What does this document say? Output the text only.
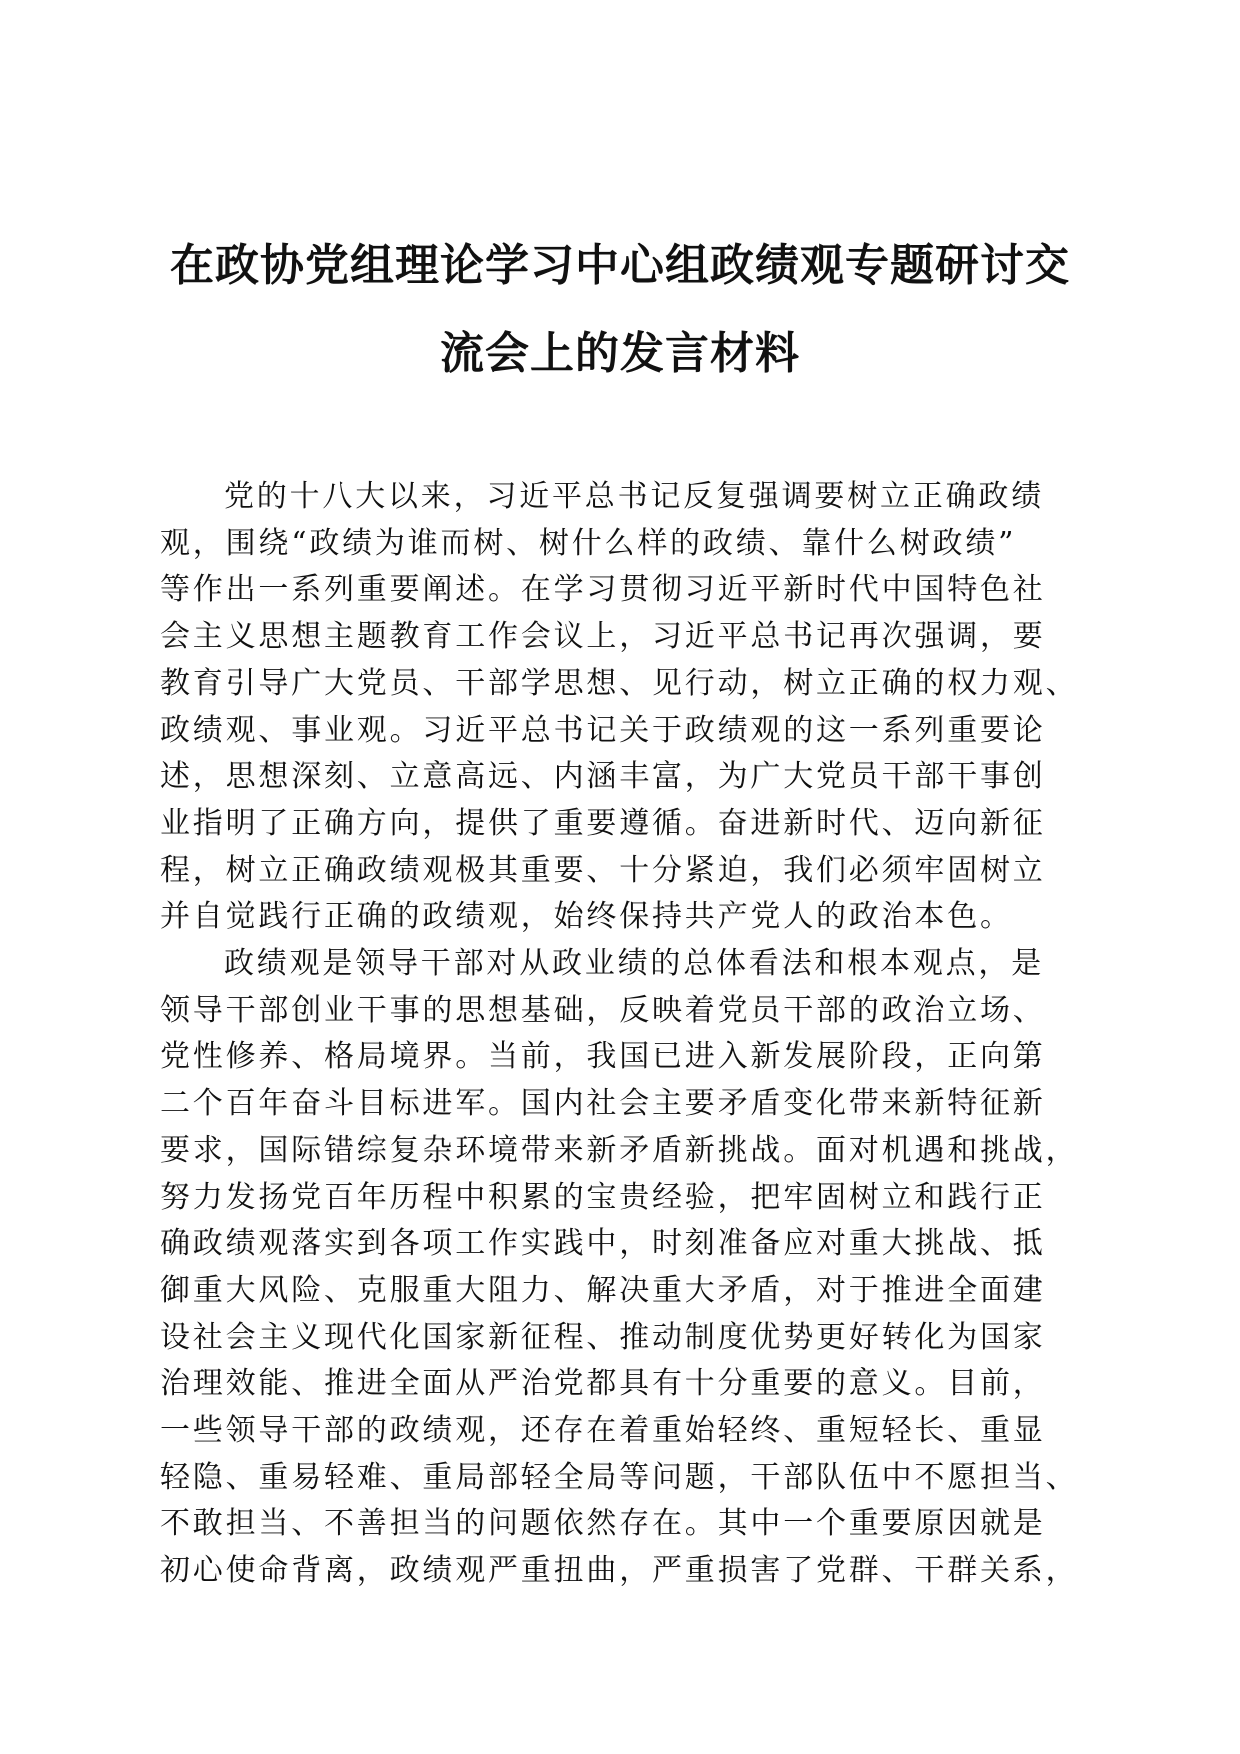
在政协党组理论学习中心组政绩观专题研讨交
流会上的发言材料

党的十八大以来，习近平总书记反复强调要树立正确政绩
观，围绕“政绩为谁而树、树什么样的政绩、靠什么树政绩”
等作出一系列重要阐述。在学习贯彻习近平新时代中国特色社
会主义思想主题教育工作会议上，习近平总书记再次强调，要
教育引导广大党员、干部学思想、见行动，树立正确的权力观、
政绩观、事业观。习近平总书记关于政绩观的这一系列重要论
述，思想深刻、立意高远、内涵丰富，为广大党员干部干事创
业指明了正确方向，提供了重要遵循。奋进新时代、迈向新征
程，树立正确政绩观极其重要、十分紧迫，我们必须牢固树立
并自觉践行正确的政绩观，始终保持共产党人的政治本色。

政绩观是领导干部对从政业绩的总体看法和根本观点，是
领导干部创业干事的思想基础，反映着党员干部的政治立场、
党性修养、格局境界。当前，我国已进入新发展阶段，正向第
二个百年奋斗目标进军。国内社会主要矛盾变化带来新特征新
要求，国际错综复杂环境带来新矛盾新挑战。面对机遇和挑战，
努力发扬党百年历程中积累的宝贵经验，把牢固树立和践行正
确政绩观落实到各项工作实践中，时刻准备应对重大挑战、抵
御重大风险、克服重大阻力、解决重大矛盾，对于推进全面建
设社会主义现代化国家新征程、推动制度优势更好转化为国家
治理效能、推进全面从严治党都具有十分重要的意义。目前，
一些领导干部的政绩观，还存在着重始轻终、重短轻长、重显
轻隐、重易轻难、重局部轻全局等问题，干部队伍中不愿担当、
不敢担当、不善担当的问题依然存在。其中一个重要原因就是
初心使命背离，政绩观严重扭曲，严重损害了党群、干群关系，
